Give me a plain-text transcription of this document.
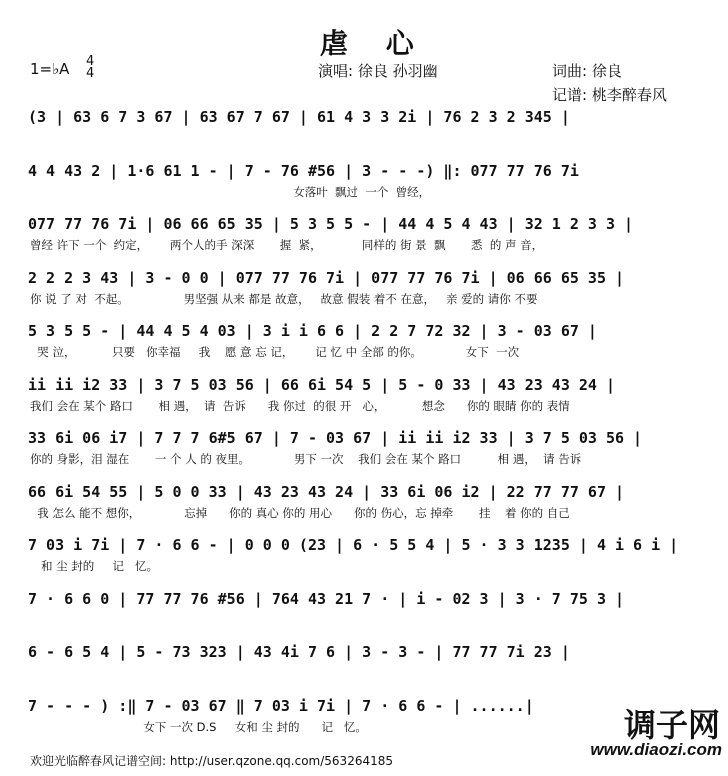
虐 心
1=♭A 4
4	演唱: 徐良 孙羽幽	词曲: 徐良
记谱: 桃李醉春风
(3 | 63 6 7 3 67 | 63 67 7 67 | 61 4 3 3 2i | 76 2 3 2 345 |
4 4 43 2 | 1·6 61 1 - | 7 - 76 #56 | 3 - - -) ‖: 077 77 76 7i
女落叶  飘过  一个  曾经，
077 77 76 7i | 06 66 65 35 | 5 3 5 5 - | 44 4 5 4 43 | 32 1 2 3 3 |
曾经 许下 一个  约定，      两个人的手 深深       握  紧，           同样的 街 景  飘       悉  的 声 音，
2 2 2 3 43 | 3 - 0 0 | 077 77 76 7i | 077 77 76 7i | 06 66 65 35 |
你 说 了 对  不起。               男坚强 从来 都是 故意，   故意 假装 着不 在意，   亲 爱的 请你 不要
5 3 5 5 - | 44 4 5 4 03 | 3 i i 6 6 | 2 2 7 72 32 | 3 - 03 67 |
哭 泣，          只要   你幸福     我    愿 意 忘 记，      记 忆 中 全部 的你。            女下  一次
ii ii i2 33 | 3 7 5 03 56 | 66 6i 54 5 | 5 - 0 33 | 43 23 43 24 |
我们 会在 某个 路口       相 遇，  请  告诉      我 你过  的很 开   心，          想念      你的 眼睛 你的 表情
33 6i 06 i7 | 7 7 7 6#5 67 | 7 - 03 67 | ii ii i2 33 | 3 7 5 03 56 |
你的 身影，泪 湿在       一 个 人 的 夜里。            男下 一次    我们 会在 某个 路口          相 遇，  请 告诉
66 6i 54 55 | 5 0 0 33 | 43 23 43 24 | 33 6i 06 i2 | 22 77 77 67 |
我 怎么 能不 想你，            忘掉      你的 真心 你的 用心      你的 伤心，忘 掉牵       挂    着 你的 自己
7 03 i 7i | 7 · 6 6 - | 0 0 0 (23 | 6 · 5 5 4 | 5 · 3 3 1235 | 4 i 6 i |
和 尘 封的     记   忆。
7 · 6 6 0 | 77 77 76 #56 | 764 43 21 7 · | i - 02 3 | 3 · 7 75 3 |
6 - 6 5 4 | 5 - 73 323 | 43 4i 7 6 | 3 - 3 - | 77 77 7i 23 |
7 - - - ) :‖ 7 - 03 67 ‖ 7 03 i 7i | 7 · 6 6 - | ......|
女下 一次 D.S     女和 尘 封的      记   忆。	调子网
www.diaozi.com
欢迎光临醉春风记谱空间: http://user.qzone.qq.com/563264185
